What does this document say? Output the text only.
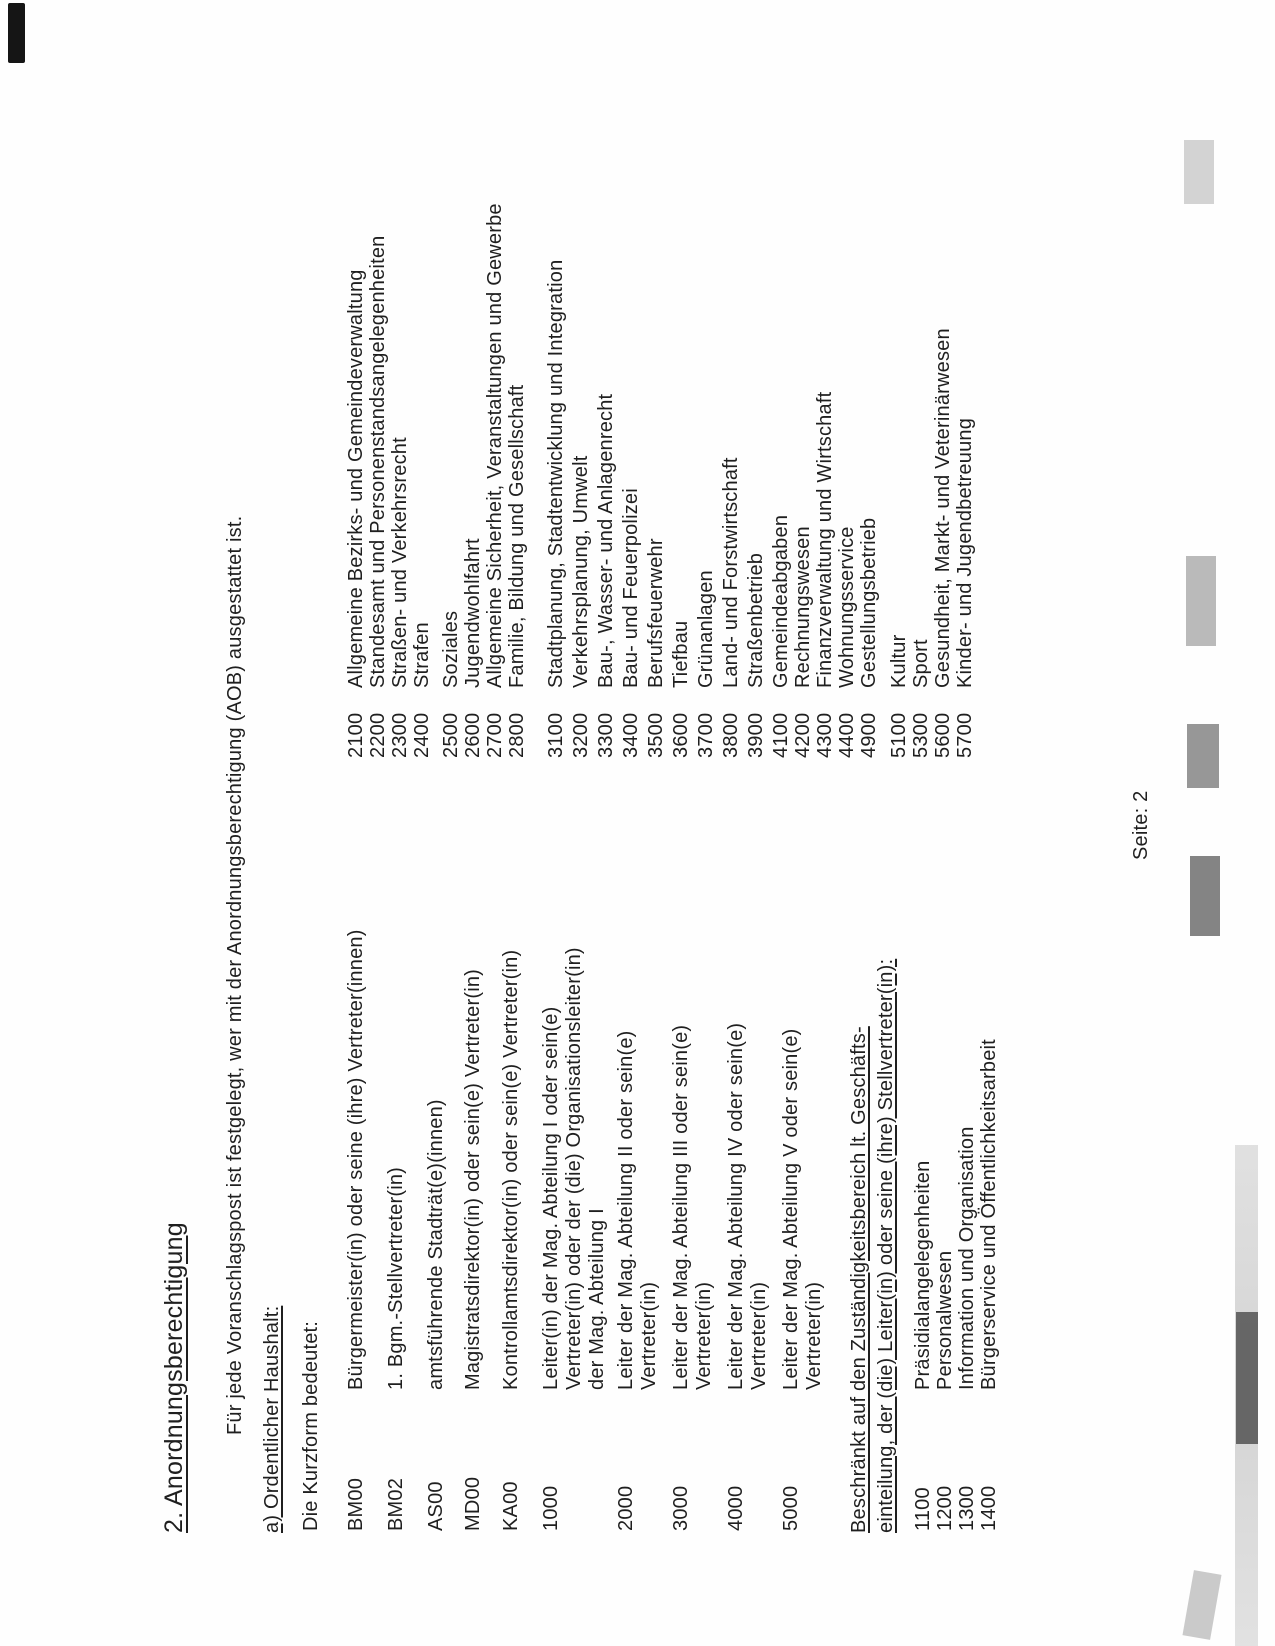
2. Anordnungsberechtigung Für jede Voranschlagspost ist festgelegt, wer mit der Anordnungsberechtigung (AOB) ausgestattet ist. a) Ordentlicher Haushalt: Die Kurzform bedeutet: BM00
Bürgermeister(in) oder seine (ihre) Vertreter(innen)
BM02
1. Bgm.-Stellvertreter(in)
AS00
amtsführende Stadträt(e)(innen)
MD00
Magistratsdirektor(in) oder sein(e) Vertreter(in)
KA00
Kontrollamtsdirektor(in) oder sein(e) Vertreter(in)
1000
Leiter(in) der Mag. Abteilung I oder sein(e) Vertreter(in) oder der (die) Organisationsleiter(in) der Mag. Abteilung I
2000
Leiter der Mag. Abteilung II oder sein(e) Vertreter(in)
3000
Leiter der Mag. Abteilung III oder sein(e) Vertreter(in)
4000
Leiter der Mag. Abteilung IV oder sein(e) Vertreter(in)
5000
Leiter der Mag. Abteilung V oder sein(e) Vertreter(in)
2100Allgemeine Bezirks- und Gemeindeverwaltung
2200Standesamt und Personenstandsangelegenheiten
2300Straßen- und Verkehrsrecht
2400Strafen
2500Soziales
2600Jugendwohlfahrt
2700Allgemeine Sicherheit, Veranstaltungen und Gewerbe
2800Familie, Bildung und Gesellschaft
3100Stadtplanung, Stadtentwicklung und Integration
3200Verkehrsplanung, Umwelt
3300Bau-, Wasser- und Anlagenrecht
3400Bau- und Feuerpolizei
3500Berufsfeuerwehr
3600Tiefbau
3700Grünanlagen
3800Land- und Forstwirtschaft
3900Straßenbetrieb
4100Gemeindeabgaben
4200Rechnungswesen
4300Finanzverwaltung und Wirtschaft
4400Wohnungsservice
4900Gestellungsbetrieb
5100Kultur
5300Sport
5600Gesundheit, Markt- und Veterinärwesen
5700Kinder- und Jugendbetreuung
Beschränkt auf den Zuständigkeitsbereich lt. Geschäfts- einteilung, der (die) Leiter(in) oder seine (ihre) Stellvertreter(in): 1100
Präsidialangelegenheiten
1200
Personalwesen
1300
Information und Organisation
1400
Bürgerservice und Öffentlichkeitsarbeit
Seite: 2
